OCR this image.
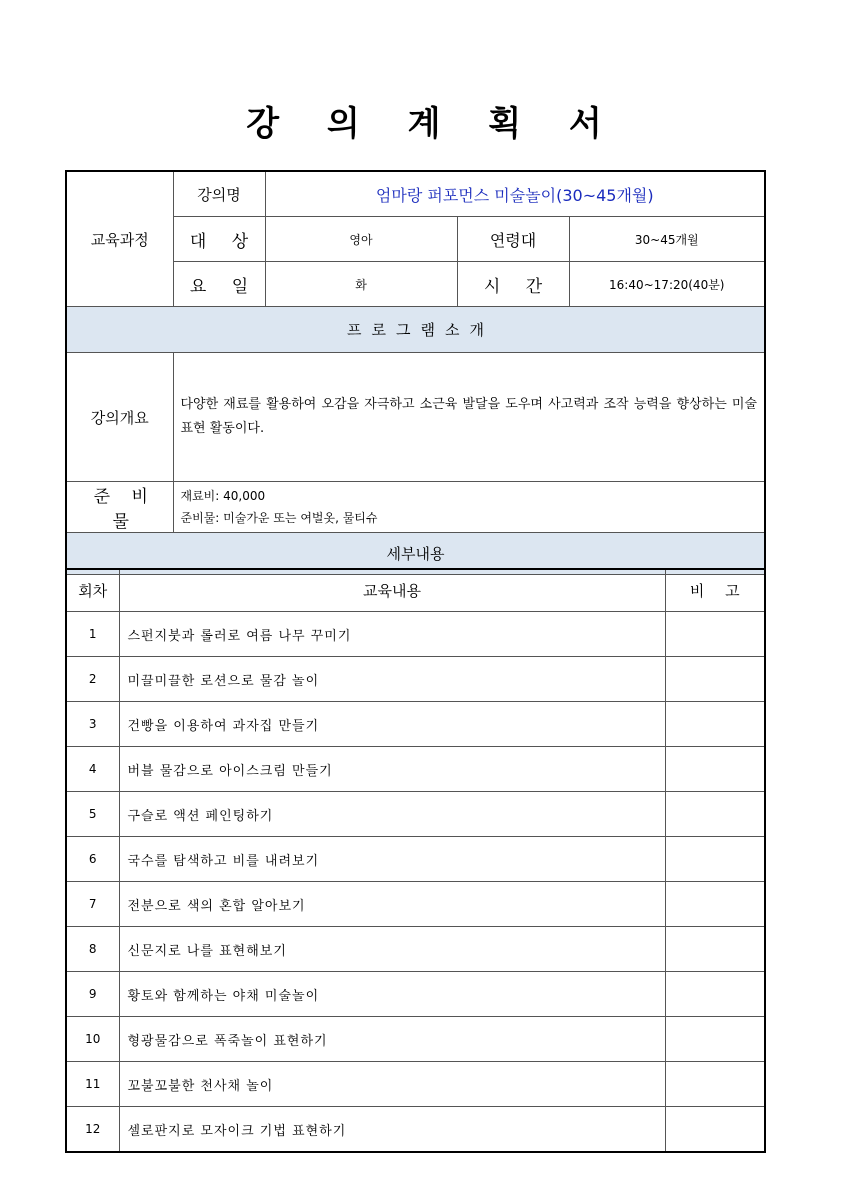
강 의 계 획 서
교육과정	강의명	엄마랑 퍼포먼스 미술놀이(30~45개월)		
	대 상	영아	연령대	30~45개월
	요 일	화	시 간	16:40~17:20(40분)
프로그램소개				
강의개요	다양한 재료를 활용하여 오감을 자극하고 소근육 발달을 도우며 사고력과 조작 능력을 향상하는 미술 표현 활동이다.			
준 비 물	재료비: 40,000
준비물: 미술가운 또는 여벌옷, 물티슈			

세부내용				
회차	교육내용	비 고
1	스펀지붓과 롤러로 여름 나무 꾸미기	
2	미끌미끌한 로션으로 물감 놀이	
3	건빵을 이용하여 과자집 만들기	
4	버블 물감으로 아이스크림 만들기	
5	구슬로 액션 페인팅하기	
6	국수를 탐색하고 비를 내려보기	
7	전분으로 색의 혼합 알아보기	
8	신문지로 나를 표현해보기	
9	황토와 함께하는 야채 미술놀이	
10	형광물감으로 폭죽놀이 표현하기	
11	꼬불꼬불한 천사채 놀이	
12	셀로판지로 모자이크 기법 표현하기	
